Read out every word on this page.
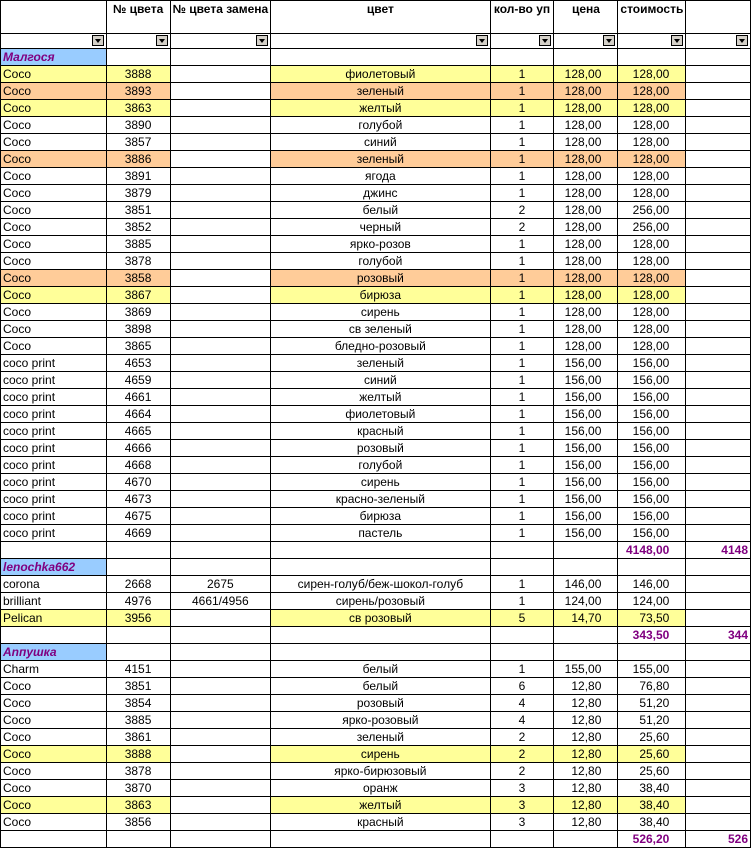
	№ цвета	№ цвета замена	цвет	кол-во уп	цена	стоимость	

Малгося							
Coco	3888		фиолетовый	1	128,00	128,00	
Coco	3893		зеленый	1	128,00	128,00	
Coco	3863		желтый	1	128,00	128,00	
Coco	3890		голубой	1	128,00	128,00	
Coco	3857		синий	1	128,00	128,00	
Coco	3886		зеленый	1	128,00	128,00	
Coco	3891		ягода	1	128,00	128,00	
Coco	3879		джинс	1	128,00	128,00	
Coco	3851		белый	2	128,00	256,00	
Coco	3852		черный	2	128,00	256,00	
Coco	3885		ярко-розов	1	128,00	128,00	
Coco	3878		голубой	1	128,00	128,00	
Coco	3858		розовый	1	128,00	128,00	
Coco	3867		бирюза	1	128,00	128,00	
Coco	3869		сирень	1	128,00	128,00	
Coco	3898		св зеленый	1	128,00	128,00	
Coco	3865		бледно-розовый	1	128,00	128,00	
coco print	4653		зеленый	1	156,00	156,00	
coco print	4659		синий	1	156,00	156,00	
coco print	4661		желтый	1	156,00	156,00	
coco print	4664		фиолетовый	1	156,00	156,00	
coco print	4665		красный	1	156,00	156,00	
coco print	4666		розовый	1	156,00	156,00	
coco print	4668		голубой	1	156,00	156,00	
coco print	4670		сирень	1	156,00	156,00	
coco print	4673		красно-зеленый	1	156,00	156,00	
coco print	4675		бирюза	1	156,00	156,00	
coco print	4669		пастель	1	156,00	156,00	
						4148,00	4148
lenochka662							
corona	2668	2675	сирен-голуб/беж-шокол-голуб	1	146,00	146,00	
brilliant	4976	4661/4956	сирень/розовый	1	124,00	124,00	
Pelican	3956		св розовый	5	14,70	73,50	
						343,50	344
Anпушка							
Charm	4151		белый	1	155,00	155,00	
Coco	3851		белый	6	12,80	76,80	
Coco	3854		розовый	4	12,80	51,20	
Coco	3885		ярко-розовый	4	12,80	51,20	
Coco	3861		зеленый	2	12,80	25,60	
Coco	3888		сирень	2	12,80	25,60	
Coco	3878		ярко-бирюзовый	2	12,80	25,60	
Coco	3870		оранж	3	12,80	38,40	
Coco	3863		желтый	3	12,80	38,40	
Coco	3856		красный	3	12,80	38,40	
						526,20	526
